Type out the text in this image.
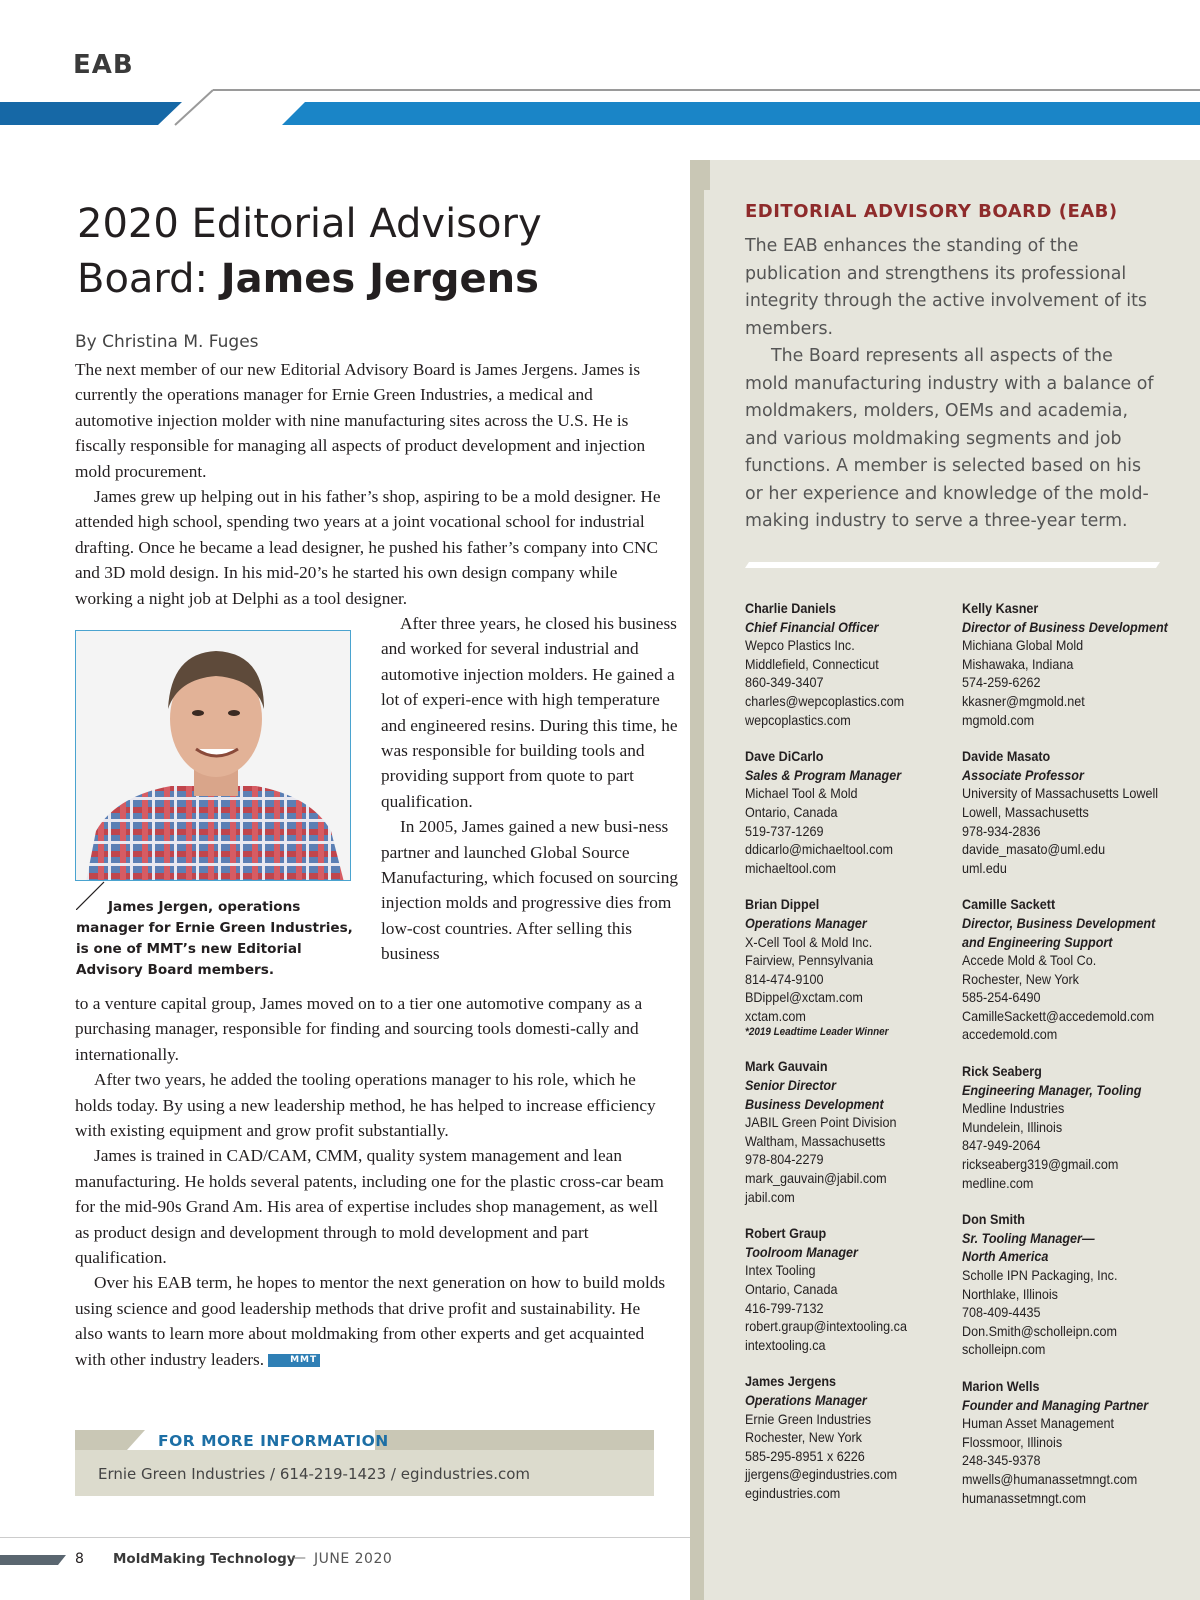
EAB
2020 Editorial Advisory Board: James Jergens
By Christina M. Fuges

The next member of our new Editorial Advisory Board is James Jergens. James is currently the operations manager for Ernie Green Industries, a medical and automotive injection molder with nine manufacturing sites across the U.S. He is fiscally responsible for managing all aspects of product development and injection mold procurement.

James grew up helping out in his father’s shop, aspiring to be a mold designer. He attended high school, spending two years at a joint vocational school for industrial drafting. Once he became a lead designer, he pushed his father’s company into CNC and 3D mold design. In his mid-20’s he started his own design company while working a night job at Delphi as a tool designer.

James Jergen, operations manager for Ernie Green Industries, is one of MMT’s new Editorial Advisory Board members.

After three years, he closed his business and worked for several industrial and automotive injection molders. He gained a lot of experi-ence with high temperature and engineered resins. During this time, he was responsible for building tools and providing support from quote to part qualification.

In 2005, James gained a new busi-ness partner and launched Global Source Manufacturing, which focused on sourcing injection molds and progressive dies from low-cost countries. After selling this business

to a venture capital group, James moved on to a tier one automotive company as a purchasing manager, responsible for finding and sourcing tools domesti-cally and internationally.

After two years, he added the tooling operations manager to his role, which he holds today. By using a new leadership method, he has helped to increase efficiency with existing equipment and grow profit substantially.

James is trained in CAD/CAM, CMM, quality system management and lean manufacturing. He holds several patents, including one for the plastic cross-car beam for the mid-90s Grand Am. His area of expertise includes shop management, as well as product design and development through to mold development and part qualification.

Over his EAB term, he hopes to mentor the next generation on how to build molds using science and good leadership methods that drive profit and sustainability. He also wants to learn more about moldmaking from other experts and get acquainted with other industry leaders.	MMT

FOR MORE INFORMATION
Ernie Green Industries / 614-219-1423 / egindustries.com
8 MoldMaking Technology
— JUNE 2020
EDITORIAL ADVISORY BOARD (EAB)

The EAB enhances the standing of the publication and strengthens its professional integrity through the active involvement of its members.

The Board represents all aspects of the mold manufacturing industry with a balance of moldmakers, molders, OEMs and academia, and various moldmaking segments and job functions. A member is selected based on his or her experience and knowledge of the mold-making industry to serve a three-year term.

Charlie Daniels
Chief Financial Officer
Wepco Plastics Inc.
Middlefield, Connecticut
860-349-3407
charles@wepcoplastics.com
wepcoplastics.com
Dave DiCarlo
Sales & Program Manager
Michael Tool & Mold
Ontario, Canada
519-737-1269
ddicarlo@michaeltool.com
michaeltool.com
Brian Dippel
Operations Manager
X-Cell Tool & Mold Inc.
Fairview, Pennsylvania
814-474-9100
BDippel@xctam.com
xctam.com
*2019 Leadtime Leader Winner
Mark Gauvain
Senior Director
Business Development
JABIL Green Point Division
Waltham, Massachusetts
978-804-2279
mark_gauvain@jabil.com
jabil.com
Robert Graup
Toolroom Manager
Intex Tooling
Ontario, Canada
416-799-7132
robert.graup@intextooling.ca
intextooling.ca
James Jergens
Operations Manager
Ernie Green Industries
Rochester, New York
585-295-8951 x 6226
jjergens@egindustries.com
egindustries.com
Kelly Kasner
Director of Business Development
Michiana Global Mold
Mishawaka, Indiana
574-259-6262
kkasner@mgmold.net
mgmold.com
Davide Masato
Associate Professor
University of Massachusetts Lowell
Lowell, Massachusetts
978-934-2836
davide_masato@uml.edu
uml.edu
Camille Sackett
Director, Business Development
and Engineering Support
Accede Mold & Tool Co.
Rochester, New York
585-254-6490
CamilleSackett@accedemold.com
accedemold.com
Rick Seaberg
Engineering Manager, Tooling
Medline Industries
Mundelein, Illinois
847-949-2064
rickseaberg319@gmail.com
medline.com
Don Smith
Sr. Tooling Manager—
North America
Scholle IPN Packaging, Inc.
Northlake, Illinois
708-409-4435
Don.Smith@scholleipn.com
scholleipn.com
Marion Wells
Founder and Managing Partner
Human Asset Management
Flossmoor, Illinois
248-345-9378
mwells@humanassetmngt.com
humanassetmngt.com
